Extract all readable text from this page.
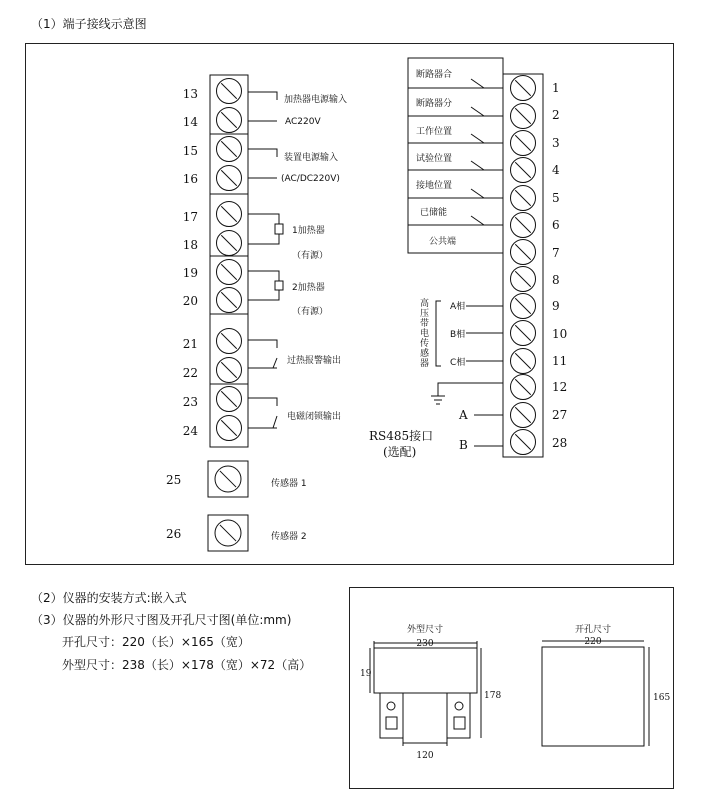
（1）端子接线示意图
13
14
15
16
17
18
19
20
21
22
23
24
加热器电源输入
AC220V
装置电源输入
(AC/DC220V)
1加热器
（有源）
2加热器
（有源）
过热报警输出
电磁闭锁输出
25	传感器 1
26	传感器 2
1
2
3
4
5
6
7
8
9
10
11
12
27
28
断路器合
断路器分
工作位置
试验位置
接地位置
已储能
公共端
高
压
带
电
传
感
器
A相
B相
C相
A
B
RS485接口
(选配)
（2）仪器的安装方式:嵌入式
（3）仪器的外形尺寸图及开孔尺寸图(单位:mm)
开孔尺寸：220（长）×165（宽）
外型尺寸：238（长）×178（宽）×72（高）
外型尺寸
230
19
178
120
开孔尺寸
220
165
